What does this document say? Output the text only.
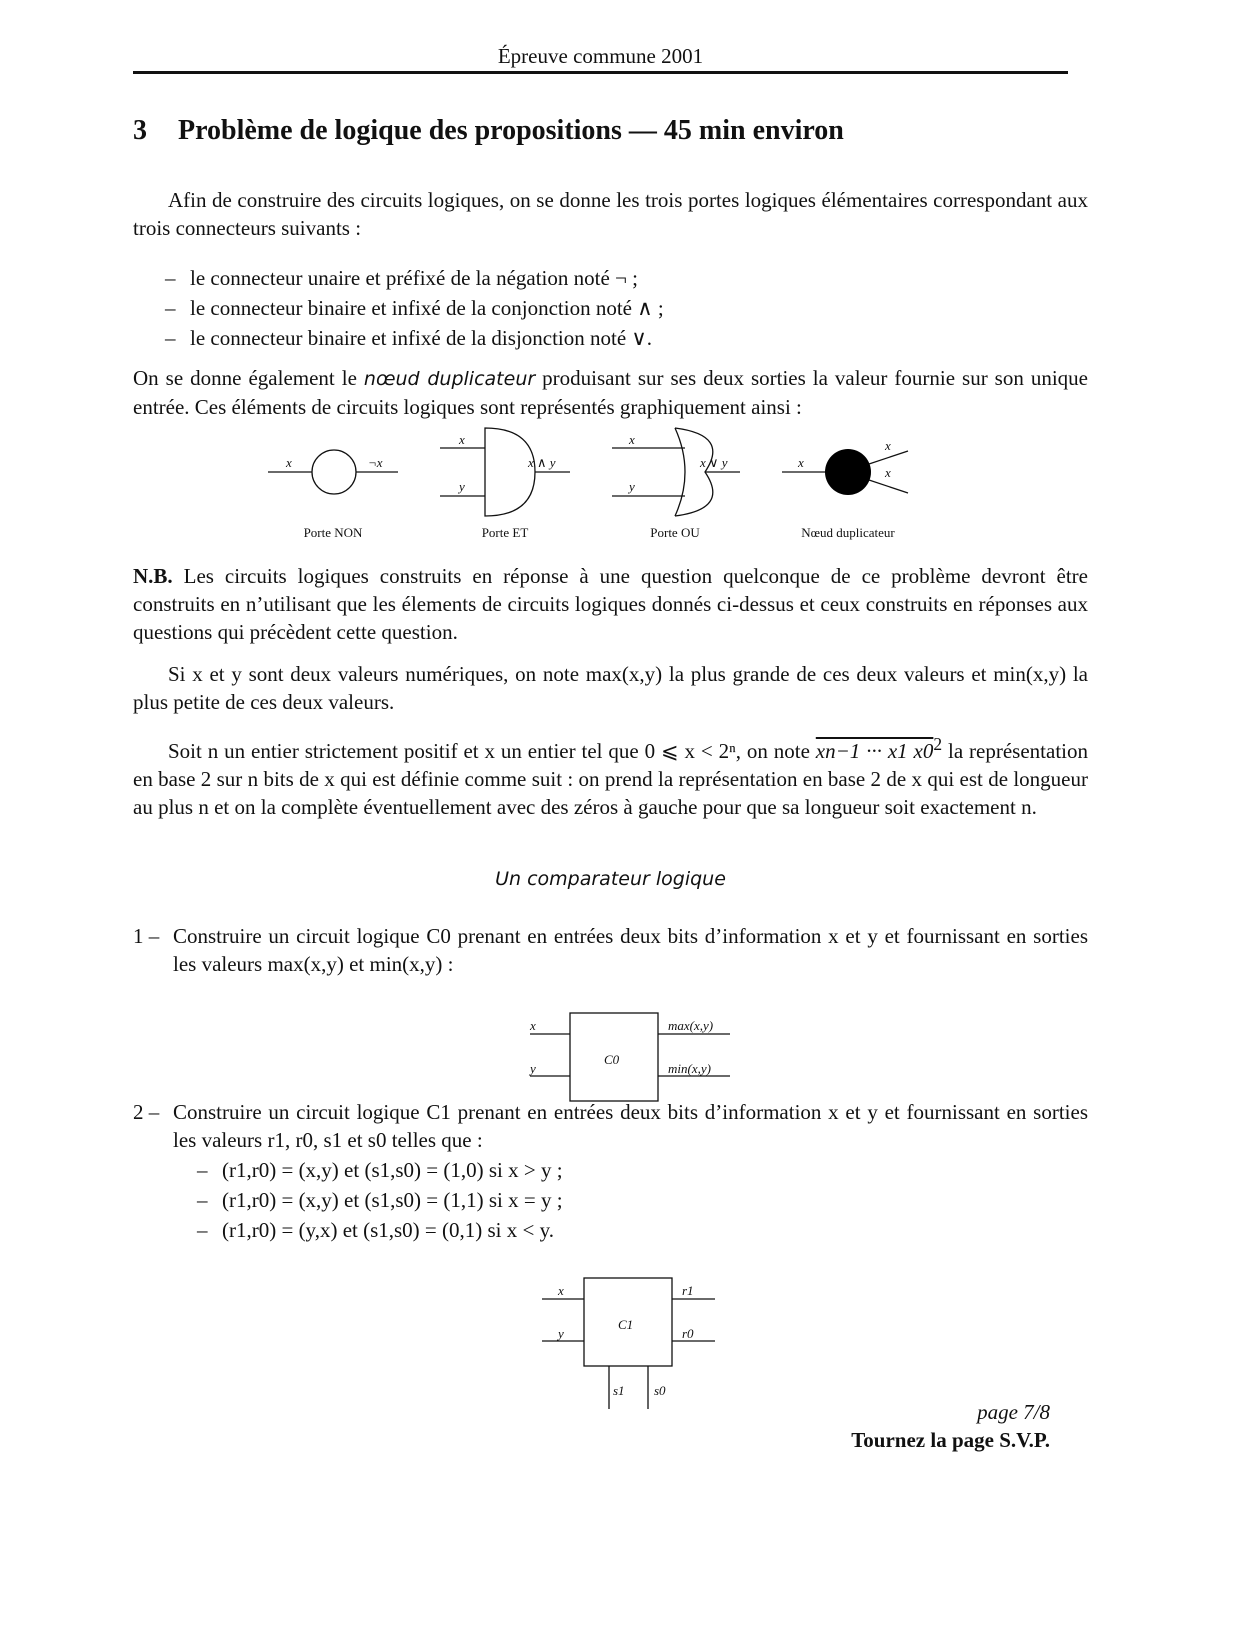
Épreuve commune 2001
3 Problème de logique des propositions — 45 min environ
Afin de construire des circuits logiques, on se donne les trois portes logiques élémentaires correspondant aux trois connecteurs suivants :
– le connecteur unaire et préfixé de la négation noté ¬ ;
– le connecteur binaire et infixé de la conjonction noté ∧ ;
– le connecteur binaire et infixé de la disjonction noté ∨.
On se donne également le nœud duplicateur produisant sur ses deux sorties la valeur fournie sur son unique entrée. Ces éléments de circuits logiques sont représentés graphiquement ainsi :
x	¬x
x
y
x ∧ y
x
y
x ∨ y	x
x
x
Porte NON	Porte ET	Porte OU	Nœud duplicateur
N.B. Les circuits logiques construits en réponse à une question quelconque de ce problème devront être construits en n’utilisant que les élements de circuits logiques donnés ci-dessus et ceux construits en réponses aux questions qui précèdent cette question.
Si x et y sont deux valeurs numériques, on note max(x,y) la plus grande de ces deux valeurs et min(x,y) la plus petite de ces deux valeurs.
Soit n un entier strictement positif et x un entier tel que 0 ⩽ x < 2ⁿ, on note xn−1 ··· x1 $x0^2$ la représentation en base 2 sur n bits de x qui est définie comme suit : on prend la représentation en base 2 de x qui est de longueur au plus n et on la complète éventuellement avec des zéros à gauche pour que sa longueur soit exactement n.
Un comparateur logique
1 – Construire un circuit logique C0 prenant en entrées deux bits d’information x et y et fournissant en sorties les valeurs max(x,y) et min(x,y) :
x
y
C0
max(x,y)
min(x,y)
2 – Construire un circuit logique C1 prenant en entrées deux bits d’information x et y et fournissant en sorties les valeurs r1, r0, s1 et s0 telles que :
– (r1,r0) = (x,y) et (s1,s0) = (1,0) si x > y ;
– (r1,r0) = (x,y) et (s1,s0) = (1,1) si x = y ;
– (r1,r0) = (y,x) et (s1,s0) = (0,1) si x < y.
x
y
C1
r1
r0
s1 s0
page 7/8
Tournez la page S.V.P.
